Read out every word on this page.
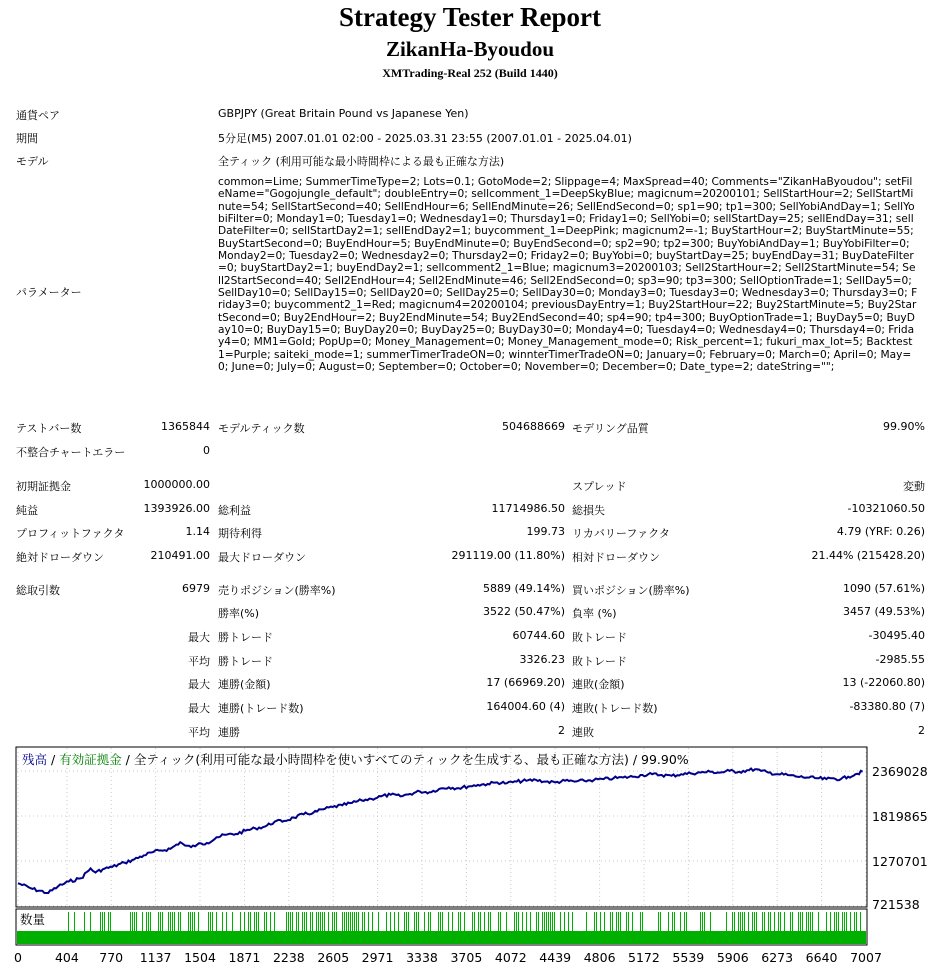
Strategy Tester Report
ZikanHa-Byoudou
XMTrading-Real 252 (Build 1440)
通貨ペア	GBPJPY (Great Britain Pound vs Japanese Yen)
期間	5分足(M5) 2007.01.01 02:00 - 2025.03.31 23:55 (2007.01.01 - 2025.04.01)
モデル	全ティック (利用可能な最小時間枠による最も正確な方法)
パラメーター
common=Lime; SummerTimeType=2; Lots=0.1; GotoMode=2; Slippage=4; MaxSpread=40; Comments="ZikanHaByoudou"; setFileName="Gogojungle_default"; doubleEntry=0; sellcomment_1=DeepSkyBlue; magicnum=20200101; SellStartHour=2; SellStartMinute=54; SellStartSecond=40; SellEndHour=6; SellEndMinute=26; SellEndSecond=0; sp1=90; tp1=300; SellYobiAndDay=1; SellYobiFilter=0; Monday1=0; Tuesday1=0; Wednesday1=0; Thursday1=0; Friday1=0; SellYobi=0; sellStartDay=25; sellEndDay=31; sellDateFilter=0; sellStartDay2=1; sellEndDay2=1; buycomment_1=DeepPink; magicnum2=-1; BuyStartHour=2; BuyStartMinute=55; BuyStartSecond=0; BuyEndHour=5; BuyEndMinute=0; BuyEndSecond=0; sp2=90; tp2=300; BuyYobiAndDay=1; BuyYobiFilter=0; Monday2=0; Tuesday2=0; Wednesday2=0; Thursday2=0; Friday2=0; BuyYobi=0; buyStartDay=25; buyEndDay=31; BuyDateFilter=0; buyStartDay2=1; buyEndDay2=1; sellcomment2_1=Blue; magicnum3=20200103; Sell2StartHour=2; Sell2StartMinute=54; Sell2StartSecond=40; Sell2EndHour=4; Sell2EndMinute=46; Sell2EndSecond=0; sp3=90; tp3=300; SellOptionTrade=1; SellDay5=0; SellDay10=0; SellDay15=0; SellDay20=0; SellDay25=0; SellDay30=0; Monday3=0; Tuesday3=0; Wednesday3=0; Thursday3=0; Friday3=0; buycomment2_1=Red; magicnum4=20200104; previousDayEntry=1; Buy2StartHour=22; Buy2StartMinute=5; Buy2StartSecond=0; Buy2EndHour=2; Buy2EndMinute=54; Buy2EndSecond=40; sp4=90; tp4=300; BuyOptionTrade=1; BuyDay5=0; BuyDay10=0; BuyDay15=0; BuyDay20=0; BuyDay25=0; BuyDay30=0; Monday4=0; Tuesday4=0; Wednesday4=0; Thursday4=0; Friday4=0; MM1=Gold; PopUp=0; Money_Management=0; Money_Management_mode=0; Risk_percent=1; fukuri_max_lot=5; Backtest1=Purple; saiteki_mode=1; summerTimerTradeON=0; winnterTimerTradeON=0; January=0; February=0; March=0; April=0; May=0; June=0; July=0; August=0; September=0; October=0; November=0; December=0; Date_type=2; dateString="";
テストバー数	1365844 モデルティック数	504688669 モデリング品質	99.90%
不整合チャートエラー	0
初期証拠金	1000000.00	スプレッド	変動
純益	1393926.00 総利益	11714986.50 総損失	-10321060.50
プロフィットファクタ	1.14 期待利得	199.73 リカバリーファクタ	4.79 (YRF: 0.26)
絶対ドローダウン	210491.00 最大ドローダウン	291119.00 (11.80%) 相対ドローダウン	21.44% (215428.20)
総取引数	6979 売りポジション(勝率%)	5889 (49.14%) 買いポジション(勝率%)	1090 (57.61%)
勝率(%)	3522 (50.47%) 負率 (%)	3457 (49.53%)
最大 勝トレード	60744.60 敗トレード	-30495.40
平均 勝トレード	3326.23 敗トレード	-2985.55
最大 連勝(金額)	17 (66969.20) 連敗(金額)	13 (-22060.80)
最大 連勝(トレード数)	164004.60 (4) 連敗(トレード数)	-83380.80 (7)
平均 連勝	2 連敗	2
残高 / 有効証拠金 / 全ティック(利用可能な最小時間枠を使いすべてのティックを生成する、最も正確な方法) / 99.90%
2369028
1819865
1270701
721538
数量
0	404 770 1137 1504 1871 2238 2605 2971 3338 3705 4072 4439 4806 5172 5539 5906 6273 6640 7007
